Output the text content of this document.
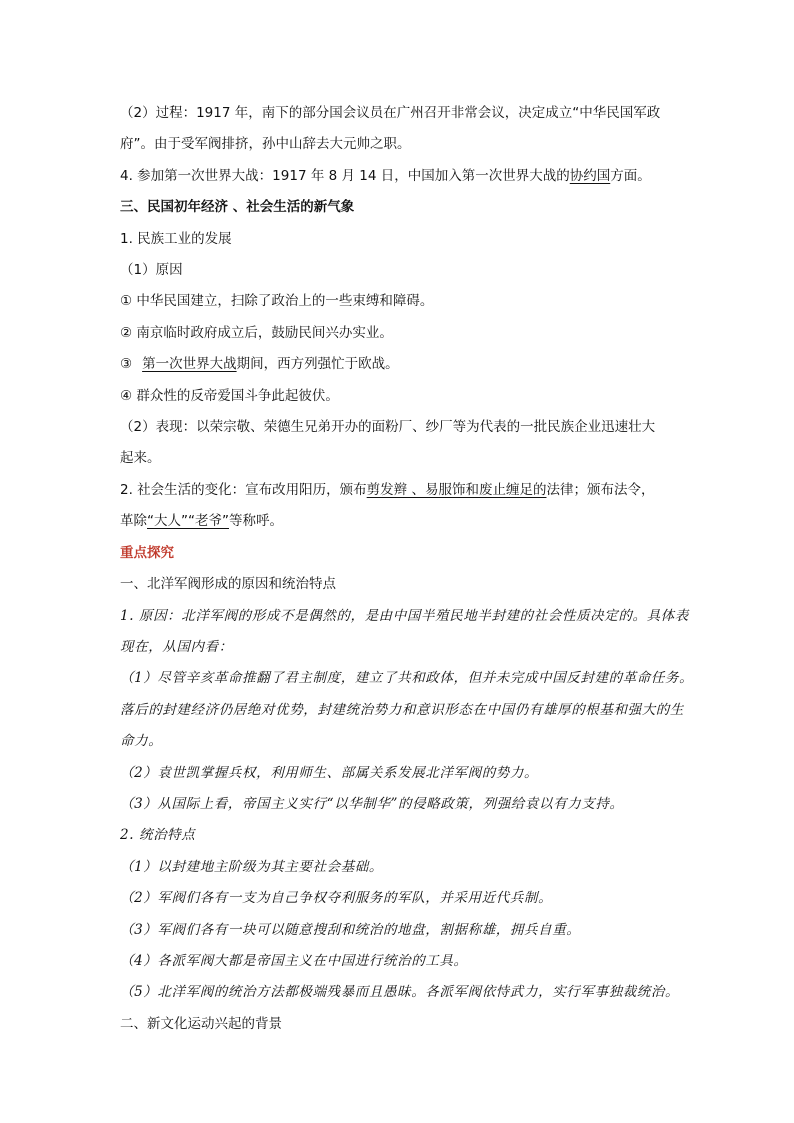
（2）过程：1917 年，南下的部分国会议员在广州召开非常会议，决定成立“中华民国军政

府”。由于受军阀排挤，孙中山辞去大元帅之职。

4. 参加第一次世界大战：1917 年 8 月 14 日，中国加入第一次世界大战的协约国方面。

三、民国初年经济 、社会生活的新气象

1. 民族工业的发展

（1）原因

① 中华民国建立，扫除了政治上的一些束缚和障碍。

② 南京临时政府成立后，鼓励民间兴办实业。

③ 第一次世界大战期间，西方列强忙于欧战。

④ 群众性的反帝爱国斗争此起彼伏。

（2）表现：以荣宗敬、荣德生兄弟开办的面粉厂、纱厂等为代表的一批民族企业迅速壮大

起来。

2. 社会生活的变化：宣布改用阳历，颁布剪发辫 、易服饰和废止缠足的法律；颁布法令，

革除“大人”“老爷”等称呼。

重点探究

一、北洋军阀形成的原因和统治特点

1. 原因：北洋军阀的形成不是偶然的，是由中国半殖民地半封建的社会性质决定的。具体表

现在，从国内看：

（1）尽管辛亥革命推翻了君主制度，建立了共和政体，但并未完成中国反封建的革命任务。

落后的封建经济仍居绝对优势，封建统治势力和意识形态在中国仍有雄厚的根基和强大的生

命力。

（2）袁世凯掌握兵权，利用师生、部属关系发展北洋军阀的势力。

（3）从国际上看，帝国主义实行“以华制华”的侵略政策，列强给袁以有力支持。

2. 统治特点

（1）以封建地主阶级为其主要社会基础。

（2）军阀们各有一支为自己争权夺利服务的军队，并采用近代兵制。

（3）军阀们各有一块可以随意搜刮和统治的地盘，割据称雄，拥兵自重。

（4）各派军阀大都是帝国主义在中国进行统治的工具。

（5）北洋军阀的统治方法都极端残暴而且愚昧。各派军阀依恃武力，实行军事独裁统治。

二、新文化运动兴起的背景
